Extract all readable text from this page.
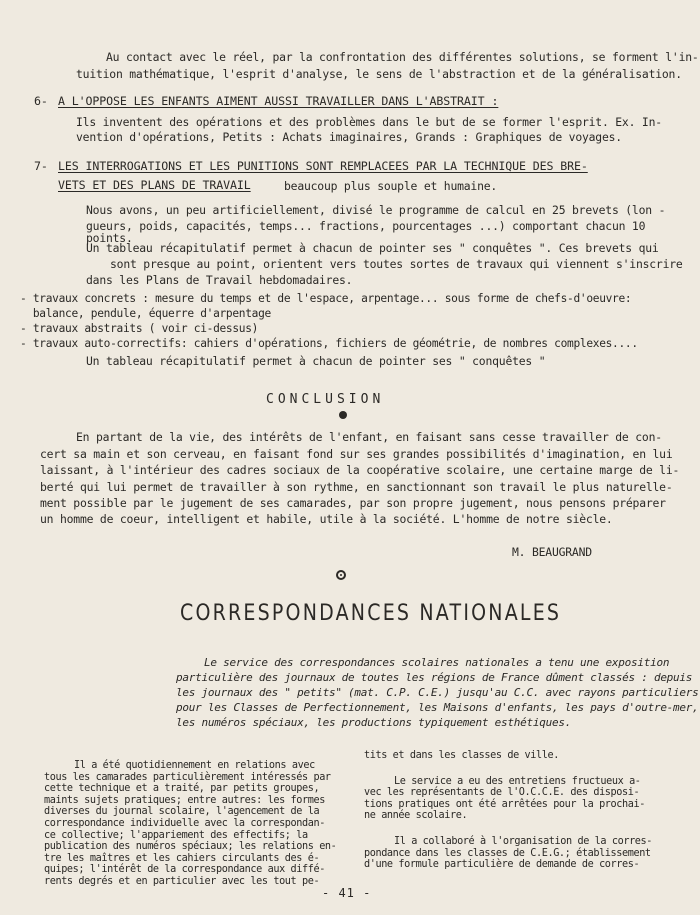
Au contact avec le réel, par la confrontation des différentes solutions, se forment l'in-

tuition mathématique, l'esprit d'analyse, le sens de l'abstraction et de la généralisation.

6- A L'OPPOSE LES ENFANTS AIMENT AUSSI TRAVAILLER DANS L'ABSTRAIT :

Ils inventent des opérations et des problèmes dans le but de se former l'esprit. Ex. In-

vention d'opérations, Petits : Achats imaginaires, Grands : Graphiques de voyages.

7- LES INTERROGATIONS ET LES PUNITIONS SONT REMPLACEES PAR LA TECHNIQUE DES BRE-
VETS ET DES PLANS DE TRAVAIL	beaucoup plus souple et humaine.

Nous avons, un peu artificiellement, divisé le programme de calcul en 25 brevets (lon -

gueurs, poids, capacités, temps... fractions, pourcentages ...) comportant chacun 10

points.

Un tableau récapitulatif permet à chacun de pointer ses " conquêtes ". Ces brevets qui

sont presque au point, orientent vers toutes sortes de travaux qui viennent s'inscrire

dans les Plans de Travail hebdomadaires.

- travaux concrets : mesure du temps et de l'espace, arpentage... sous forme de chefs-d'oeuvre:

balance, pendule, équerre d'arpentage

- travaux abstraits ( voir ci-dessus)

- travaux auto-correctifs: cahiers d'opérations, fichiers de géométrie, de nombres complexes....

Un tableau récapitulatif permet à chacun de pointer ses " conquêtes "

CONCLUSION

En partant de la vie, des intérêts de l'enfant, en faisant sans cesse travailler de con-

cert sa main et son cerveau, en faisant fond sur ses grandes possibilités d'imagination, en lui

laissant, à l'intérieur des cadres sociaux de la coopérative scolaire, une certaine marge de li-

berté qui lui permet de travailler à son rythme, en sanctionnant son travail le plus naturelle-

ment possible par le jugement de ses camarades, par son propre jugement, nous pensons préparer

un homme de coeur, intelligent et habile, utile à la société. L'homme de notre siècle.

M. BEAUGRAND

CORRESPONDANCES NATIONALES

Le service des correspondances scolaires nationales a tenu une exposition

particulière des journaux de toutes les régions de France dûment classés : depuis

les journaux des " petits" (mat. C.P. C.E.) jusqu'au C.C. avec rayons particuliers

pour les Classes de Perfectionnement, les Maisons d'enfants, les pays d'outre-mer,

les numéros spéciaux, les productions typiquement esthétiques.

Il a été quotidiennement en relations avec

tous les camarades particulièrement intéressés par

cette technique et a traité, par petits groupes,

maints sujets pratiques; entre autres: les formes

diverses du journal scolaire, l'agencement de la

correspondance individuelle avec la correspondan-

ce collective; l'appariement des effectifs; la

publication des numéros spéciaux; les relations en-

tre les maîtres et les cahiers circulants des é-

quipes; l'intérêt de la correspondance aux diffé-

rents degrés et en particulier avec les tout pe-

tits et dans les classes de ville.

Le service a eu des entretiens fructueux a-

vec les représentants de l'O.C.C.E. des disposi-

tions pratiques ont été arrêtées pour la prochai-

ne année scolaire.

Il a collaboré à l'organisation de la corres-

pondance dans les classes de C.E.G.; établissement

d'une formule particulière de demande de corres-

- 41 -
